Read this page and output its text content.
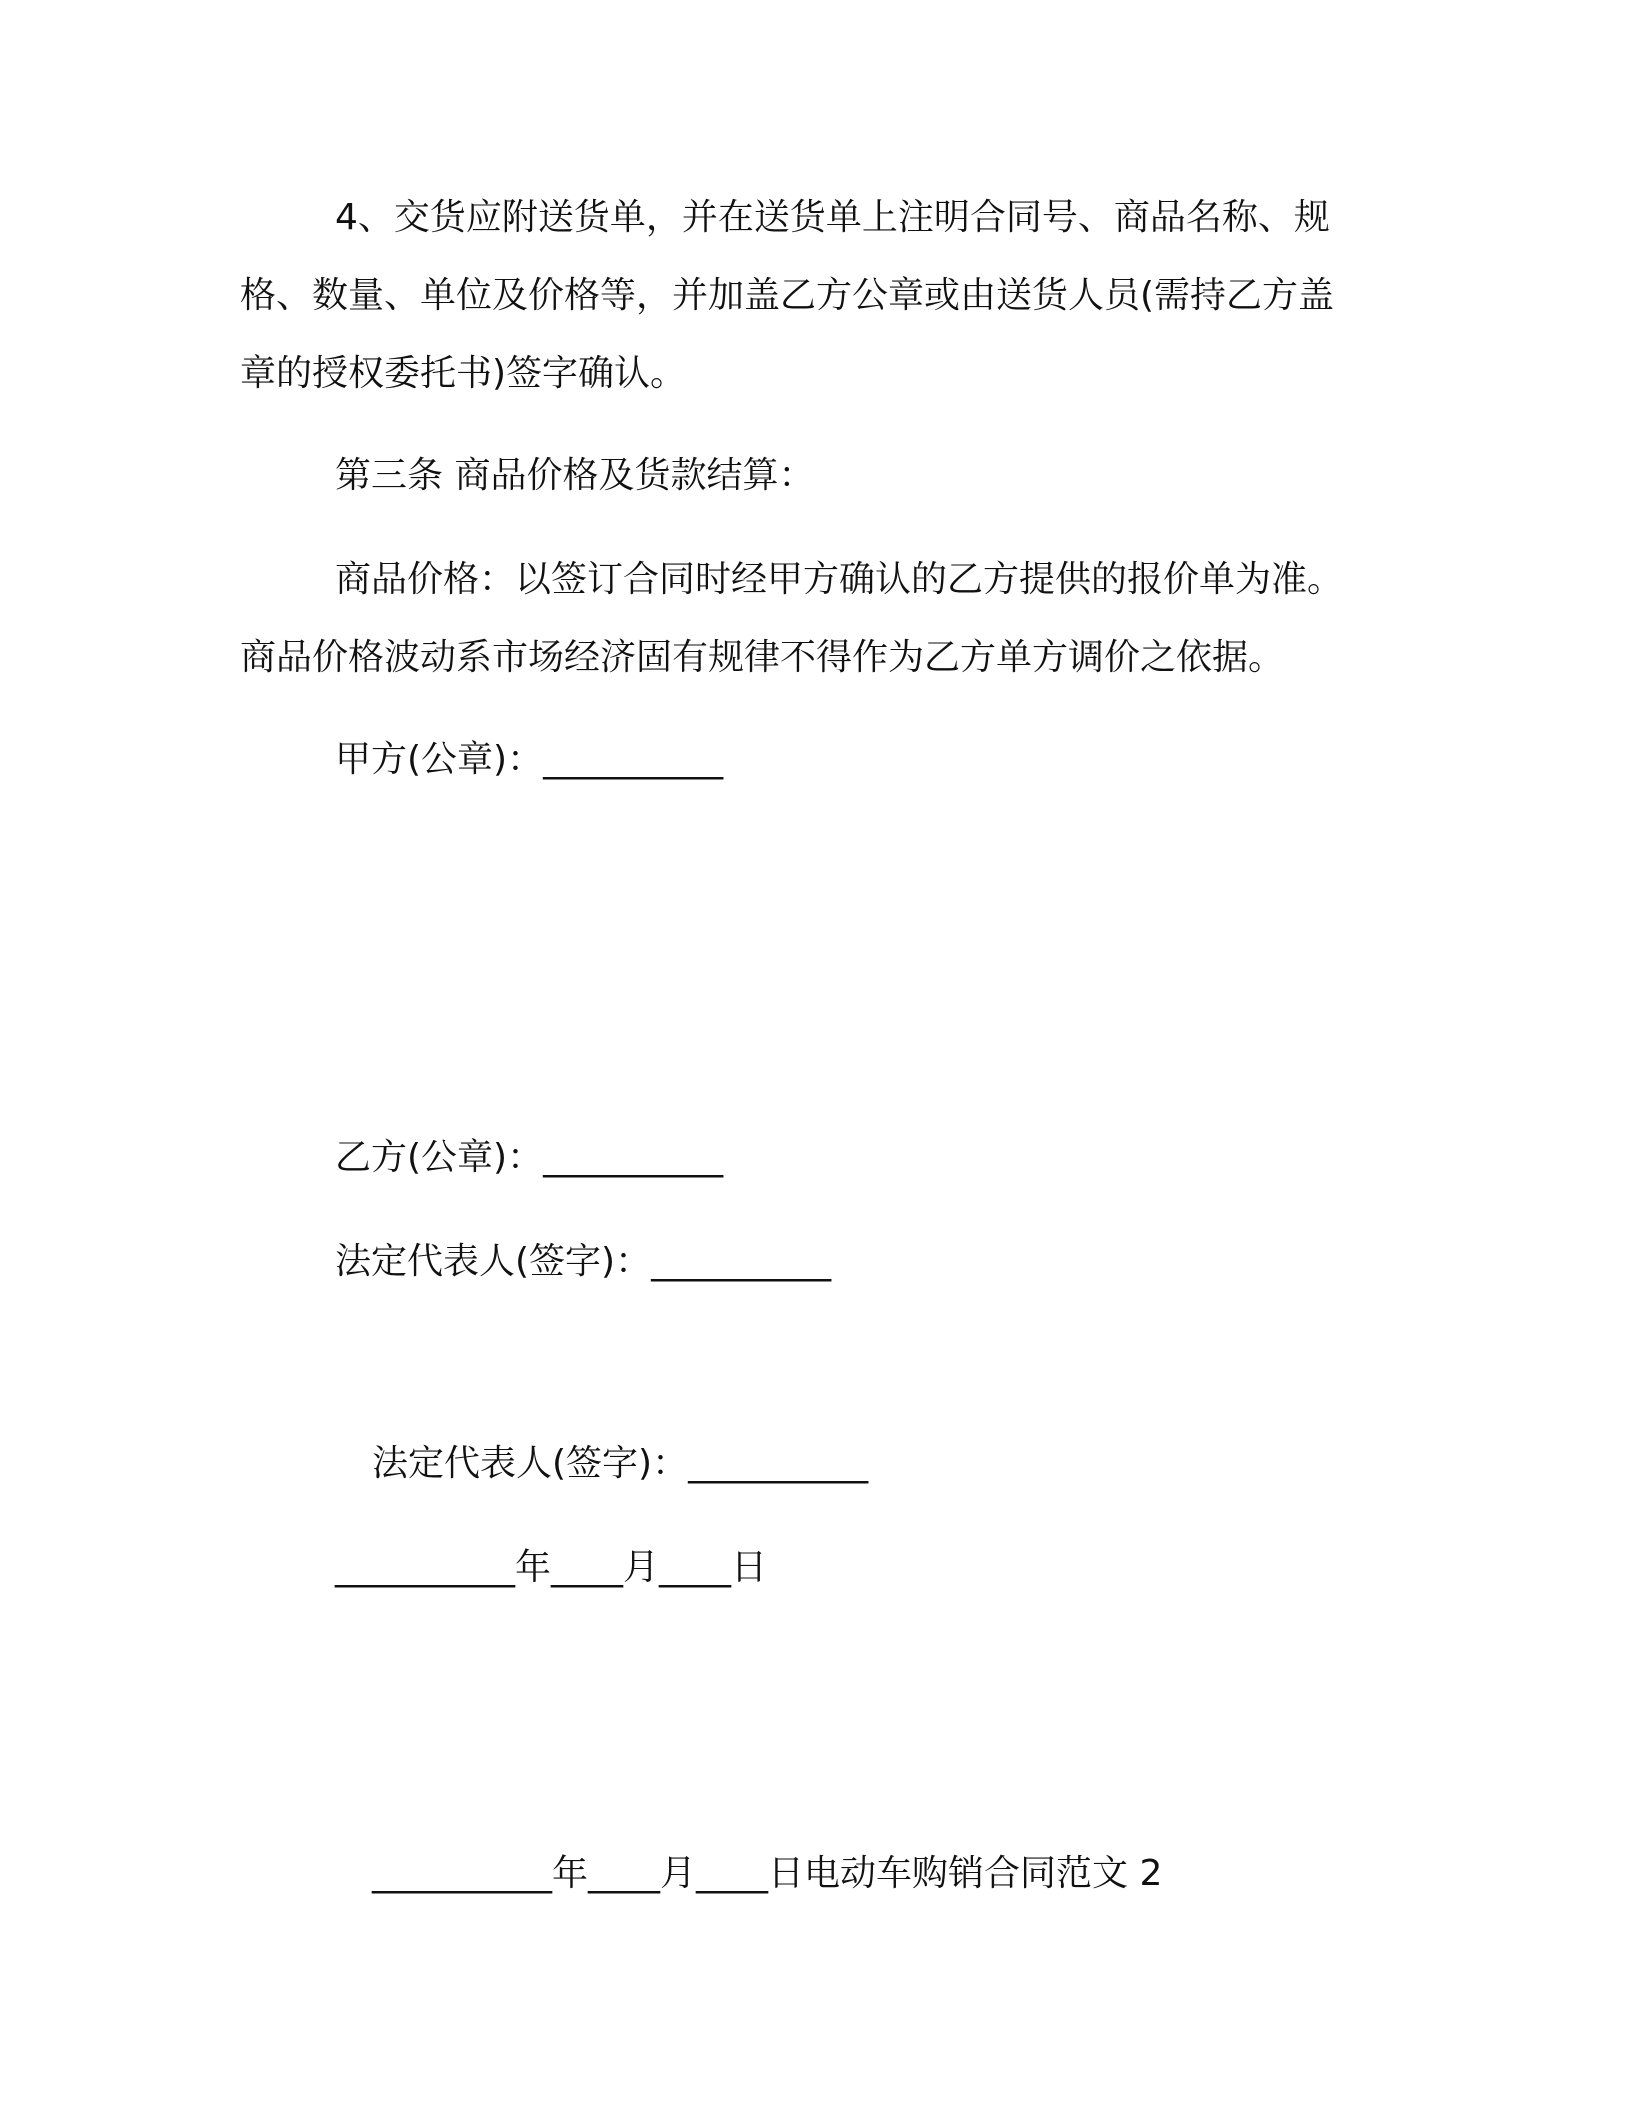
4、交货应附送货单，并在送货单上注明合同号、商品名称、规
格、数量、单位及价格等，并加盖乙方公章或由送货人员(需持乙方盖
章的授权委托书)签字确认。
第三条 商品价格及货款结算：
商品价格：以签订合同时经甲方确认的乙方提供的报价单为准。
商品价格波动系市场经济固有规律不得作为乙方单方调价之依据。
甲方(公章)：__________
乙方(公章)：__________
法定代表人(签字)：__________
法定代表人(签字)：__________
__________年____月____日
__________年____月____日电动车购销合同范文 2
